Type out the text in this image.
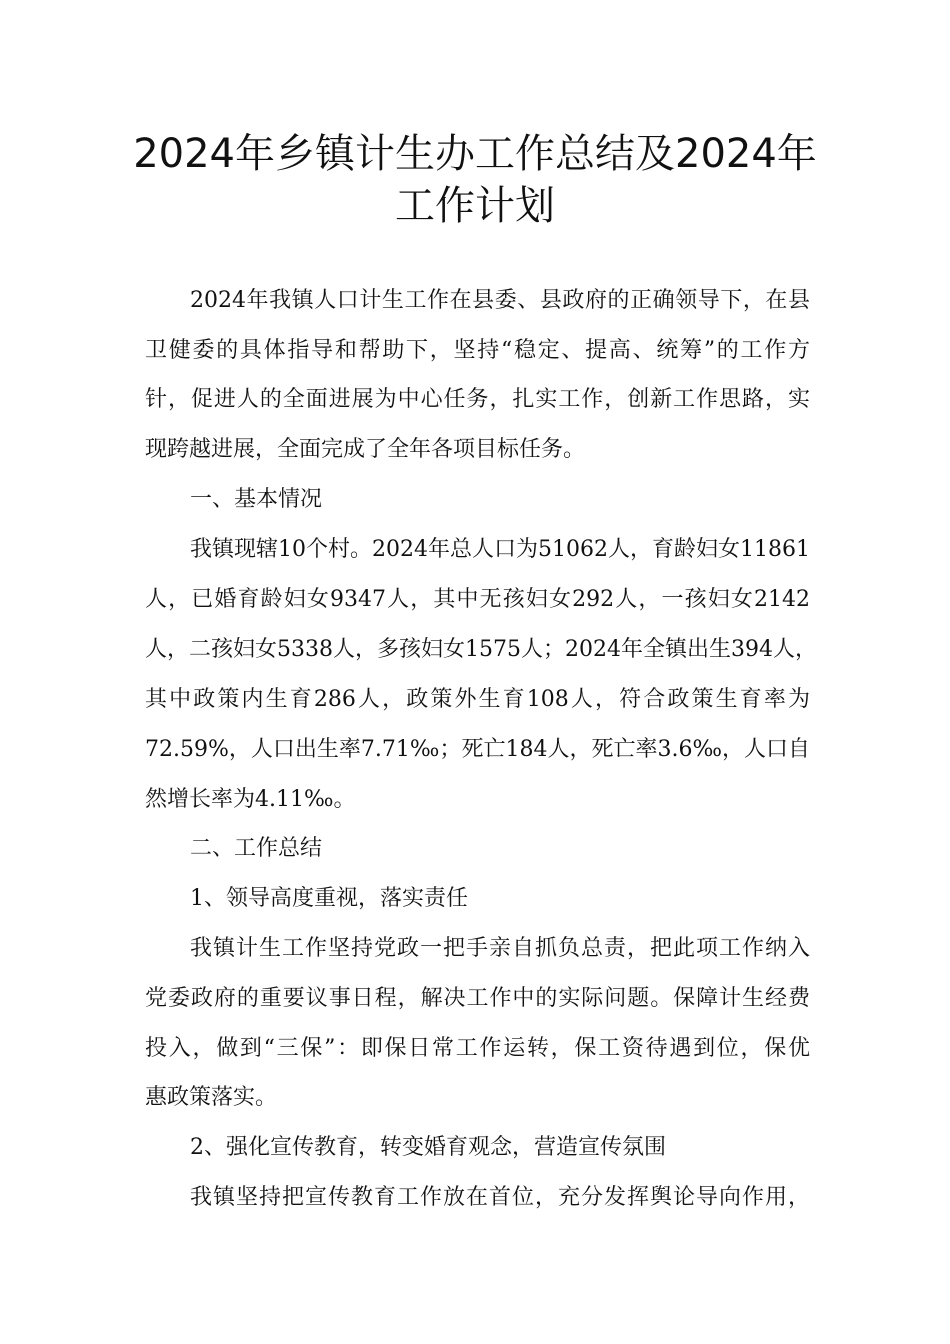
2024年乡镇计生办工作总结及2024年
工作计划
2024年我镇人口计生工作在县委、县政府的正确领导下，在县
卫健委的具体指导和帮助下，坚持“稳定、提高、统筹”的工作方
针，促进人的全面进展为中心任务，扎实工作，创新工作思路，实
现跨越进展，全面完成了全年各项目标任务。
一、基本情况
我镇现辖10个村。2024年总人口为51062人，育龄妇女11861
人，已婚育龄妇女9347人，其中无孩妇女292人，一孩妇女2142
人，二孩妇女5338人，多孩妇女1575人；2024年全镇出生394人，
其中政策内生育286人，政策外生育108人，符合政策生育率为
72.59%，人口出生率7.71‰；死亡184人，死亡率3.6‰，人口自
然增长率为4.11‰。
二、工作总结
1、领导高度重视，落实责任
我镇计生工作坚持党政一把手亲自抓负总责，把此项工作纳入
党委政府的重要议事日程，解决工作中的实际问题。保障计生经费
投入，做到“三保”：即保日常工作运转，保工资待遇到位，保优
惠政策落实。
2、强化宣传教育，转变婚育观念，营造宣传氛围
我镇坚持把宣传教育工作放在首位，充分发挥舆论导向作用，
